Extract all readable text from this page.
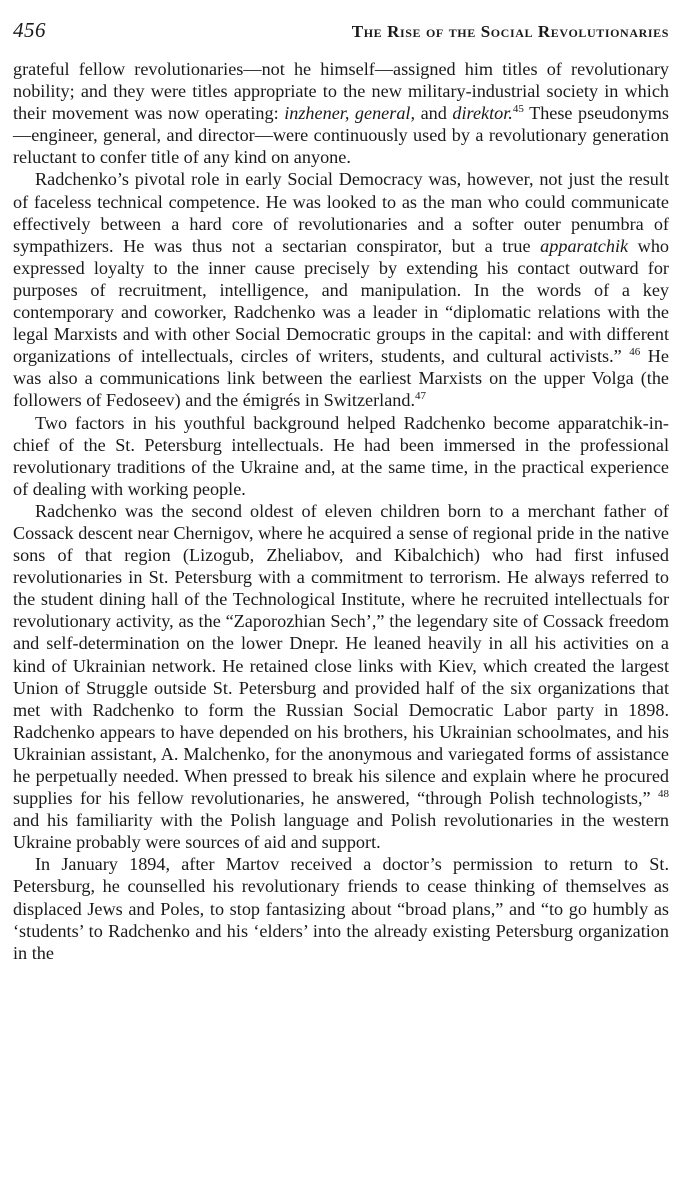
456	The Rise of the Social Revolutionaries

grateful fellow revolutionaries—not he himself—assigned him titles of revolutionary nobility; and they were titles appropriate to the new military-industrial society in which their movement was now operating: inzhener, general, and direktor.$^{45}$ These pseudonyms—engineer, general, and director—were continuously used by a revolutionary generation reluctant to confer title of any kind on anyone.

Radchenko’s pivotal role in early Social Democracy was, however, not just the result of faceless technical competence. He was looked to as the man who could communicate effectively between a hard core of revolutionaries and a softer outer penumbra of sympathizers. He was thus not a sectarian conspirator, but a true apparatchik who expressed loyalty to the inner cause precisely by extending his contact outward for purposes of recruitment, intelligence, and manipulation. In the words of a key contemporary and coworker, Radchenko was a leader in “diplomatic relations with the legal Marxists and with other Social Democratic groups in the capital: and with different organizations of intellectuals, circles of writers, students, and cultural activists.” $^{46}$ He was also a communications link between the earliest Marxists on the upper Volga (the followers of Fedoseev) and the émigrés in Switzerland.$^{47}$

Two factors in his youthful background helped Radchenko become apparatchik-in-chief of the St. Petersburg intellectuals. He had been immersed in the professional revolutionary traditions of the Ukraine and, at the same time, in the practical experience of dealing with working people.

Radchenko was the second oldest of eleven children born to a merchant father of Cossack descent near Chernigov, where he acquired a sense of regional pride in the native sons of that region (Lizogub, Zheliabov, and Kibalchich) who had first infused revolutionaries in St. Petersburg with a commitment to terrorism. He always referred to the student dining hall of the Technological Institute, where he recruited intellectuals for revolutionary activity, as the “Zaporozhian Sech’,” the legendary site of Cossack freedom and self-determination on the lower Dnepr. He leaned heavily in all his activities on a kind of Ukrainian network. He retained close links with Kiev, which created the largest Union of Struggle outside St. Petersburg and provided half of the six organizations that met with Radchenko to form the Russian Social Democratic Labor party in 1898. Radchenko appears to have depended on his brothers, his Ukrainian schoolmates, and his Ukrainian assistant, A. Malchenko, for the anonymous and variegated forms of assistance he perpetually needed. When pressed to break his silence and explain where he procured supplies for his fellow revolutionaries, he answered, “through Polish technologists,” $^{48}$ and his familiarity with the Polish language and Polish revolutionaries in the western Ukraine probably were sources of aid and support.

In January 1894, after Martov received a doctor’s permission to return to St. Petersburg, he counselled his revolutionary friends to cease thinking of themselves as displaced Jews and Poles, to stop fantasizing about “broad plans,” and “to go humbly as ‘students’ to Radchenko and his ‘elders’ into the already existing Petersburg organization in the
